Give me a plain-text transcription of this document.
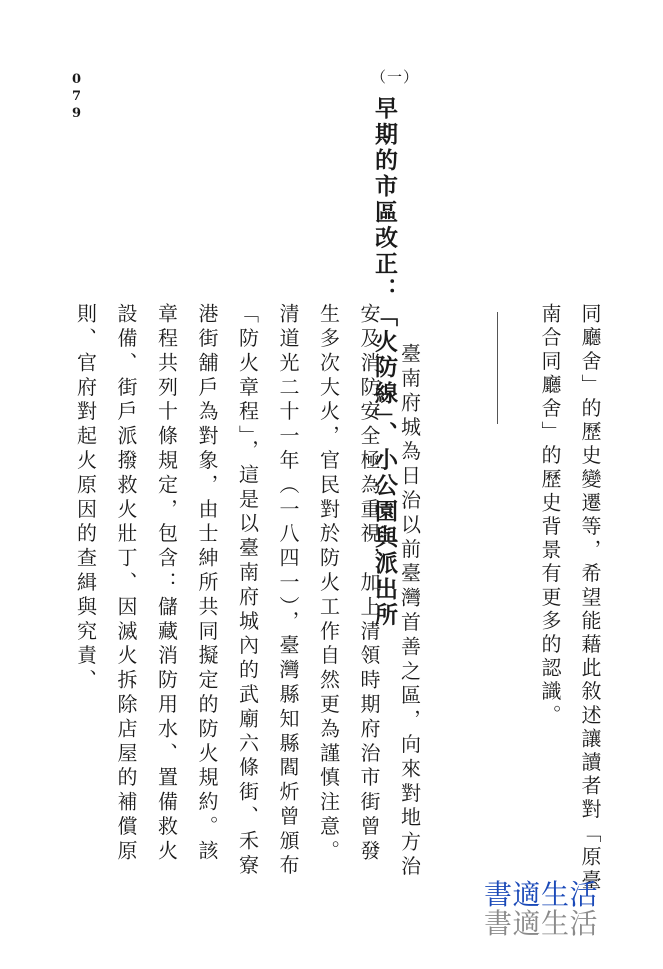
079

同廳舍」的歷史變遷等，希望能藉此敘述讓讀者對「原臺南合同廳舍」的歷史背景有更多的認識。

（一）
早期的市區改正：「火防線」、小公園與派出所 臺南府城為日治以前臺灣首善之區，向來對地方治安及消防安全極為重視，加上清領時期府治市街曾發生多次大火，官民對於防火工作自然更為謹慎注意。清道光二十一年（一八四一），臺灣縣知縣閻炘曾頒布「防火章程」，這是以臺南府城內的武廟六條街、禾寮港街舖戶為對象，由士紳所共同擬定的防火規約。該章程共列十條規定，包含：儲藏消防用水、置備救火設備、街戶派撥救火壯丁、因滅火拆除店屋的補償原則、官府對起火原因的查緝與究責、

書適生活
書適生活
